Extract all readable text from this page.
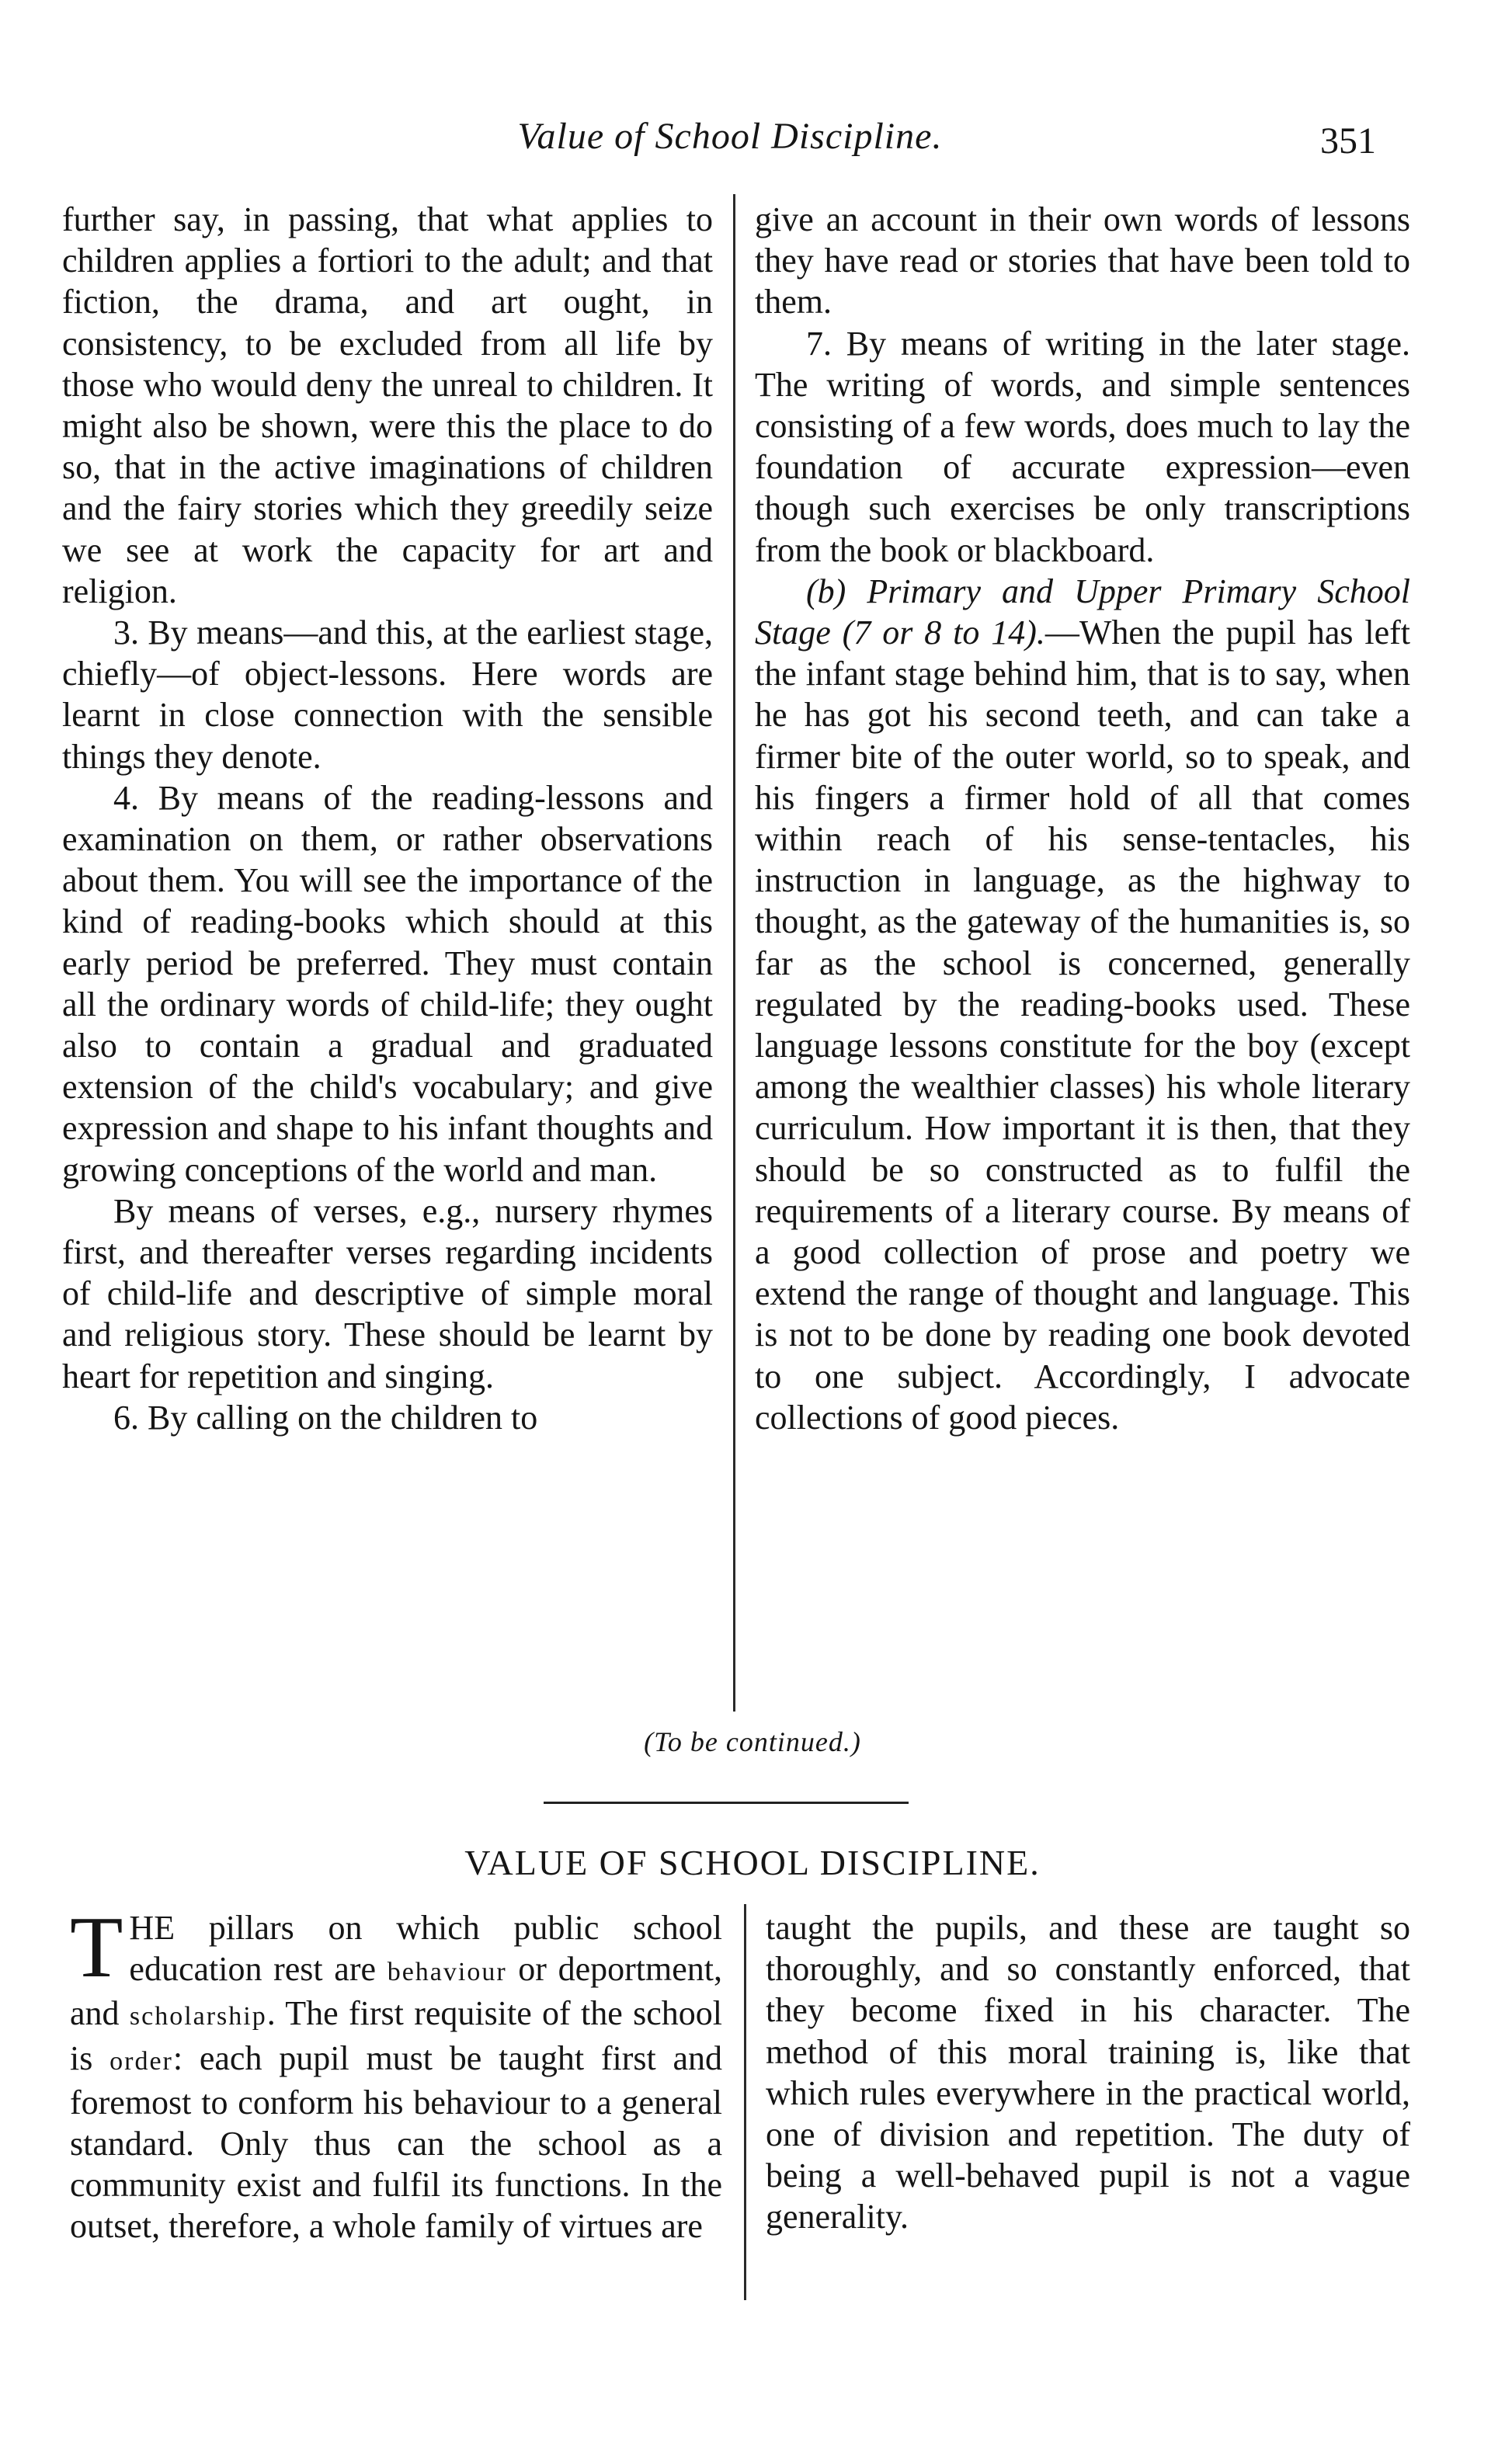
Value of School Discipline.	351

further say, in passing, that what applies to children applies a fortiori to the adult; and that fiction, the drama, and art ought, in consistency, to be excluded from all life by those who would deny the unreal to children. It might also be shown, were this the place to do so, that in the active imaginations of children and the fairy stories which they greedily seize we see at work the capacity for art and religion.

3. By means—and this, at the earliest stage, chiefly—of object-lessons. Here words are learnt in close connection with the sensible things they denote.

4. By means of the reading-lessons and examination on them, or rather observations about them. You will see the importance of the kind of reading-books which should at this early period be preferred. They must contain all the ordinary words of child-life; they ought also to contain a gradual and graduated extension of the child's vocabulary; and give expression and shape to his infant thoughts and growing conceptions of the world and man.

By means of verses, e.g., nursery rhymes first, and thereafter verses regarding incidents of child-life and descriptive of simple moral and religious story. These should be learnt by heart for repetition and singing.

6. By calling on the children to

give an account in their own words of lessons they have read or stories that have been told to them.

7. By means of writing in the later stage. The writing of words, and simple sentences consisting of a few words, does much to lay the foundation of accurate expression—even though such exercises be only transcriptions from the book or blackboard.

(b) Primary and Upper Primary School Stage (7 or 8 to 14).—When the pupil has left the infant stage behind him, that is to say, when he has got his second teeth, and can take a firmer bite of the outer world, so to speak, and his fingers a firmer hold of all that comes within reach of his sense-tentacles, his instruction in language, as the highway to thought, as the gateway of the humanities is, so far as the school is concerned, generally regulated by the reading-books used. These language lessons constitute for the boy (except among the wealthier classes) his whole literary curriculum. How important it is then, that they should be so constructed as to fulfil the requirements of a literary course. By means of a good collection of prose and poetry we extend the range of thought and language. This is not to be done by reading one book devoted to one subject. Accordingly, I advocate collections of good pieces.

(To be continued.)
VALUE OF SCHOOL DISCIPLINE.

THE pillars on which public school education rest are behaviour or deportment, and scholarship. The first requisite of the school is order: each pupil must be taught first and foremost to conform his behaviour to a general standard. Only thus can the school as a community exist and fulfil its functions. In the outset, therefore, a whole family of virtues are

taught the pupils, and these are taught so thoroughly, and so constantly enforced, that they become fixed in his character. The method of this moral training is, like that which rules everywhere in the practical world, one of division and repetition. The duty of being a well-behaved pupil is not a vague generality.
